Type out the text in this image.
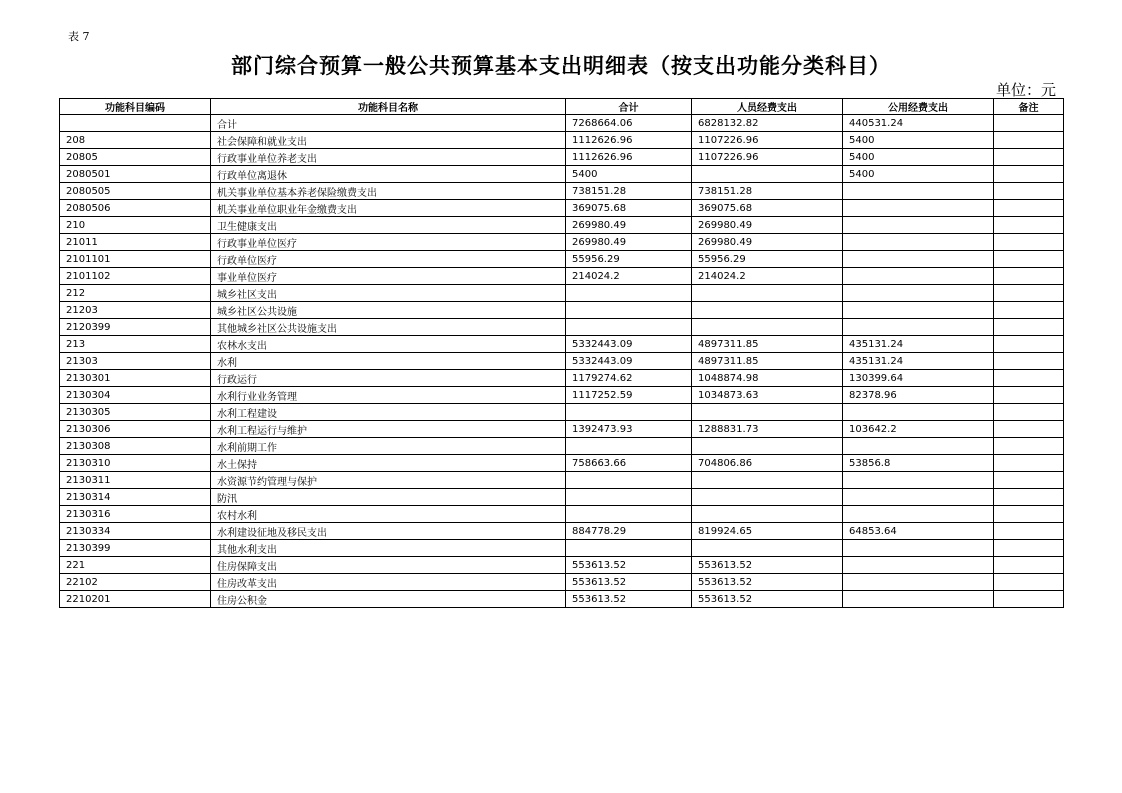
表 7
部门综合预算一般公共预算基本支出明细表（按支出功能分类科目）
单位：元
功能科目编码	功能科目名称	合计	人员经费支出	公用经费支出	备注
	合计	7268664.06	6828132.82	440531.24	
208	社会保障和就业支出	1112626.96	1107226.96	5400	
20805	行政事业单位养老支出	1112626.96	1107226.96	5400	
2080501	行政单位离退休	5400		5400	
2080505	机关事业单位基本养老保险缴费支出	738151.28	738151.28		
2080506	机关事业单位职业年金缴费支出	369075.68	369075.68		
210	卫生健康支出	269980.49	269980.49		
21011	行政事业单位医疗	269980.49	269980.49		
2101101	行政单位医疗	55956.29	55956.29		
2101102	事业单位医疗	214024.2	214024.2		
212	城乡社区支出				
21203	城乡社区公共设施				
2120399	其他城乡社区公共设施支出				
213	农林水支出	5332443.09	4897311.85	435131.24	
21303	水利	5332443.09	4897311.85	435131.24	
2130301	行政运行	1179274.62	1048874.98	130399.64	
2130304	水利行业业务管理	1117252.59	1034873.63	82378.96	
2130305	水利工程建设				
2130306	水利工程运行与维护	1392473.93	1288831.73	103642.2	
2130308	水利前期工作				
2130310	水土保持	758663.66	704806.86	53856.8	
2130311	水资源节约管理与保护				
2130314	防汛				
2130316	农村水利				
2130334	水利建设征地及移民支出	884778.29	819924.65	64853.64	
2130399	其他水利支出				
221	住房保障支出	553613.52	553613.52		
22102	住房改革支出	553613.52	553613.52		
2210201	住房公积金	553613.52	553613.52		
